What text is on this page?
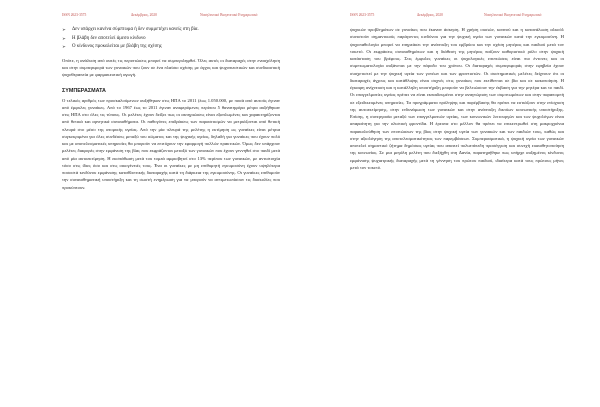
ISSN 2623-3575	Δεκέμβριος, 2020	Νοσηλευτικό Βιογενετικό Ενημερωτικό
➢ Δεν υπάρχει κανένα σύμπτωμα ή δεν συμμετέχει κανείς στη βία.
➢ Η βλάβη δεν αποτελεί άμεσο κίνδυνο
➢ Ο κίνδυνος προκαλείται με βλάβη της σχέσης

Οπότε, η ανάλυση από αυτές τις περιπτώσεις μπορεί να συμπεριληφθεί. Όλες αυτές οι διαταραχές στην ενασχόληση και στην συμπεριφορά των γυναικών που ζουν σε ένα πλαίσιο σχέσης με άγχος και ψυχοπιεστικών και συνδυαστική ψυχοθεραπεία με φαρμακευτική αγωγή.

ΣΥΜΠΕΡΑΣΜΑΤΑ

Ο τελικός αριθμός των προσκαλούμενων αυξήθηκαν στις ΗΠΑ το 2011 (έως 1.050.000, με ποσά από αυτούς έγιναν από έμφυλες γυναίκες. Από το 1967 έως το 2011 έγιναν αναφερόμενες περίπου 5 θανατηφόρα μέτρα αυξήθηκαν στις ΗΠΑ στο όλες τις τύπους. Οι μελέτες έχουν δείξει πως οι ακτηριώσεις είναι εξαπλωμένες και χαρακτηρίζονται από θετικά και αρνητικά συναισθήματα. Οι παθογόνες επιδράσεις των παρασιτισμών να μετριάζονται από θετική πλευρά στο μέσο της ατομικής υγείας. Από την μία πλευρά της μελέτης η εκτίμηση ως γυναίκες είναι μέτρια συγκεκριμένα για όλες συνδέσεις μεταξύ του σώματος και της ψυχικής υγείας, δηλαδή για γυναίκες που έχουν πολύ και με αποτελεσματικές υπηρεσίες θα μπορούν να επιτύχουν την εφαρμογή πολλών πρακτικών. Όμως δεν υπάρχουν μελέτες διαφορές στην εμφάνιση της βίας που εκφράζονται μεταξύ των γυναικών που έχουν γεννηθεί στο παιδί μετά από μία αυτοεκτίμηση. Η εκσπάθωση μετά του τομεά αμφισβητεί στο 13% περίπου των γυναικών, με αντιστοιχία τόσο στις ίδιες όσο και στις οικογένειές τους. Ένα οι γυναίκες με μη επιθυμητή εγκυμοσύνη έχουν υψηλότερα ποσοστά κινδύνου εμφάνισης καταθλιπτικής διαταραχής κατά τη διάρκεια της εγκυμοσύνης. Οι γυναίκες επιθυμούν την συναισθηματική υποστήριξη και τη σωστή ενημέρωση για να μπορούν να αντιμετωπίσουν τις δυσκολίες που προκύπτουν.

ISSN 2623-3575	Δεκέμβριος, 2020	Νοσηλευτικό Βιογενετικό Ενημερωτικό

ψυχικών προβλημάτων σε γυναίκες που έκαναν άσκηση. Η χρήση ουσιών, καπνού και η κατανάλωση αλκοόλ συνιστούν σημαντικούς παράγοντες κινδύνου για την ψυχική υγεία των γυναικών κατά την εγκυμοσύνη. Η ψυχοπαθολογία μπορεί να επηρεάσει την ανάπτυξη του εμβρύου και την σχέση μητέρας και παιδιού μετά τον τοκετό. Οι εκφράσεις συναισθημάτων και η διάθεση της μητέρας παίζουν καθοριστικό ρόλο στην ψυχική κατάσταση του βρέφους. Στις έμφυλες γυναίκες οι ψυχολογικές επιπτώσεις είναι πιο έντονες και οι συμπτωματολογία αυξάνεται με την πάροδο του χρόνου. Οι διαταραχές συμπεριφοράς στην εφηβεία έχουν συσχετιστεί με την ψυχική υγεία των γονέων και των φροντιστών. Οι συστηματικές μελέτες δείχνουν ότι οι διαταραχές άγχους και κατάθλιψης είναι συχνές στις γυναίκες που εκτίθενται σε βία και σε κακοποίηση. Η έγκαιρη ανίχνευση και η κατάλληλη υποστήριξη μπορούν να βελτιώσουν την έκβαση για την μητέρα και το παιδί. Οι επαγγελματίες υγείας πρέπει να είναι εκπαιδευμένοι στην αναγνώριση των συμπτωμάτων και στην παραπομπή σε εξειδικευμένες υπηρεσίες. Τα προγράμματα πρόληψης και παρέμβασης θα πρέπει να εστιάζουν στην ενίσχυση της αυτοεκτίμησης, στην ενδυνάμωση των γυναικών και στην ανάπτυξη δικτύων κοινωνικής υποστήριξης. Επίσης, η συνεργασία μεταξύ των επαγγελματιών υγείας, των κοινωνικών λειτουργών και των ψυχολόγων είναι απαραίτητη για την ολιστική φροντίδα. Η έρευνα στο μέλλον θα πρέπει να επικεντρωθεί στη μακροχρόνια παρακολούθηση των επιπτώσεων της βίας στην ψυχική υγεία των γυναικών και των παιδιών τους, καθώς και στην αξιολόγηση της αποτελεσματικότητας των παρεμβάσεων. Συμπερασματικά, η ψυχική υγεία των γυναικών αποτελεί σημαντικό ζήτημα δημόσιας υγείας που απαιτεί πολυεπίπεδη προσέγγιση και συνεχή ευαισθητοποίηση της κοινωνίας. Σε μια μεγάλη μελέτη που διεξήχθη στη Δανία, παρατηρήθηκε πως υπήρχε αυξημένος κίνδυνος εμφάνισης ψυχιατρικής διαταραχής μετά τη γέννηση του πρώτου παιδιού, ιδιαίτερα κατά τους πρώτους μήνες μετά τον τοκετό.
